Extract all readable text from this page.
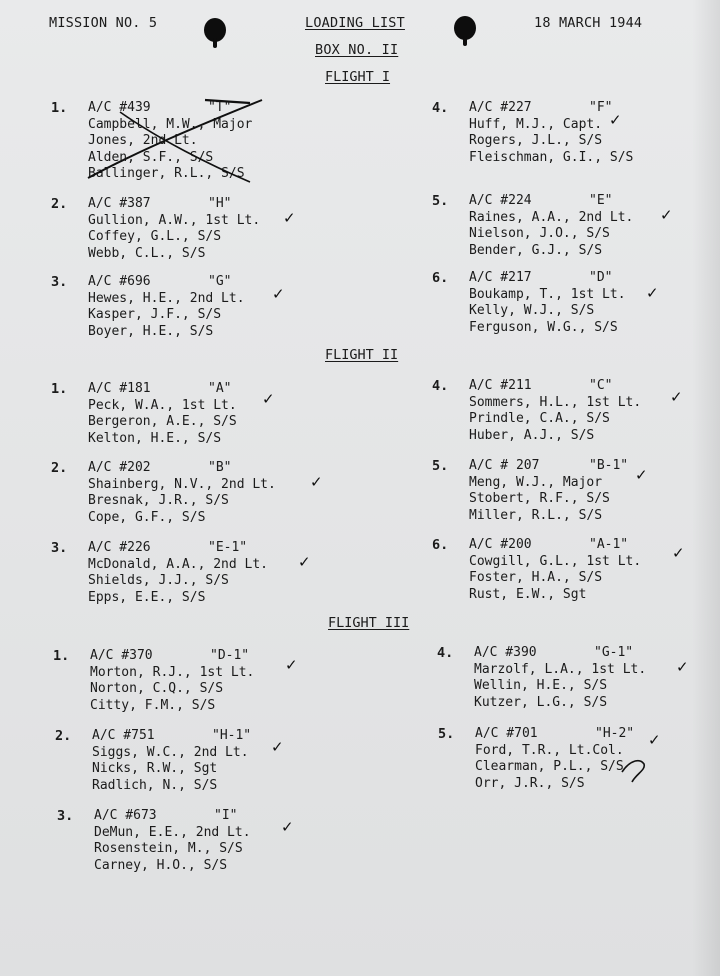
MISSION NO. 5	LOADING LIST	18 MARCH 1944
BOX NO. II
FLIGHT I
1. A/C #439	"T"
Campbell, M.W., Major
Jones, 2nd Lt.
Alden, S.F., S/S
Ballinger, R.L., S/S
2. A/C #387	"H"
Gullion, A.W., 1st Lt.
Coffey, G.L., S/S
Webb, C.L., S/S
✓
3. A/C #696	"G"
Hewes, H.E., 2nd Lt.
Kasper, J.F., S/S
Boyer, H.E., S/S
✓
4. A/C #227	"F"
Huff, M.J., Capt.
Rogers, J.L., S/S
Fleischman, G.I., S/S
✓
5. A/C #224	"E"
Raines, A.A., 2nd Lt.
Nielson, J.O., S/S
Bender, G.J., S/S
✓
6. A/C #217	"D"
Boukamp, T., 1st Lt.
Kelly, W.J., S/S
Ferguson, W.G., S/S
✓
FLIGHT II
1. A/C #181	"A"
Peck, W.A., 1st Lt.
Bergeron, A.E., S/S
Kelton, H.E., S/S
✓
2. A/C #202	"B"
Shainberg, N.V., 2nd Lt.
Bresnak, J.R., S/S
Cope, G.F., S/S
✓
3. A/C #226	"E-1"
McDonald, A.A., 2nd Lt.
Shields, J.J., S/S
Epps, E.E., S/S
✓
4. A/C #211	"C"
Sommers, H.L., 1st Lt.
Prindle, C.A., S/S
Huber, A.J., S/S
✓
5. A/C # 207	"B-1"
Meng, W.J., Major
Stobert, R.F., S/S
Miller, R.L., S/S
✓
6. A/C #200	"A-1"
Cowgill, G.L., 1st Lt.
Foster, H.A., S/S
Rust, E.W., Sgt
✓
FLIGHT III
1. A/C #370	"D-1"
Morton, R.J., 1st Lt.
Norton, C.Q., S/S
Citty, F.M., S/S
✓
2. A/C #751	"H-1"
Siggs, W.C., 2nd Lt.
Nicks, R.W., Sgt
Radlich, N., S/S
✓
3. A/C #673	"I"
DeMun, E.E., 2nd Lt.
Rosenstein, M., S/S
Carney, H.O., S/S
✓
4. A/C #390	"G-1"
Marzolf, L.A., 1st Lt.
Wellin, H.E., S/S
Kutzer, L.G., S/S
✓
5. A/C #701	"H-2"
Ford, T.R., Lt.Col.
Clearman, P.L., S/S
Orr, J.R., S/S
✓
